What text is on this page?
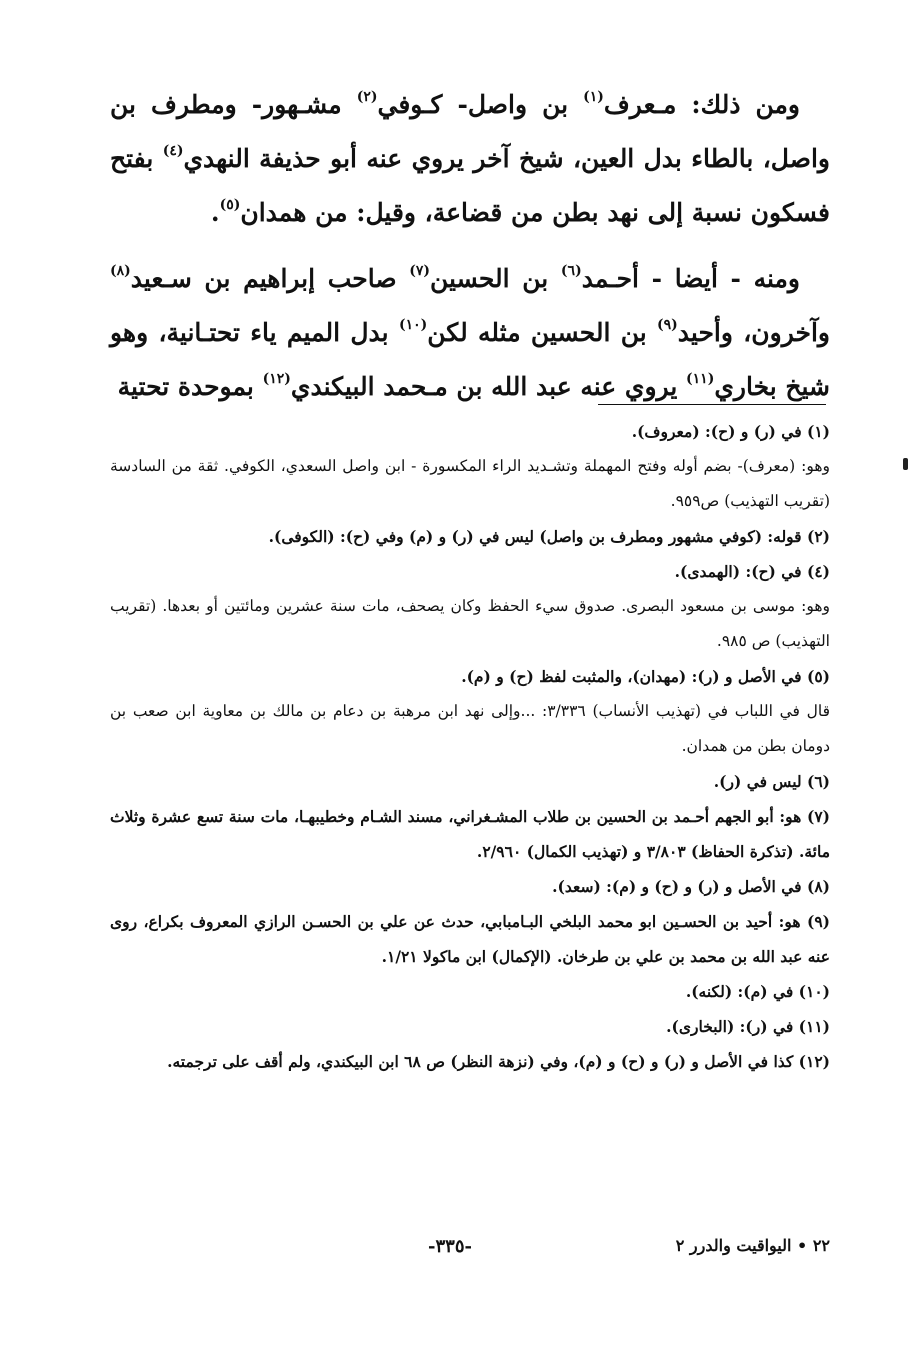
ومن ذلك: مـعرف$^{(١)}$ بن واصل- كـوفي$^{(٢)}$ مشـهور- ومطرف بن واصل، بالطاء بدل العين، شيخ آخر يروي عنه أبو حذيفة النهدي$^{(٤)}$ بفتح فسكون نسبة إلى نهد بطن من قضاعة، وقيل: من همدان$^{(٥)}$.

ومنه - أيضا - أحـمد$^{(٦)}$ بن الحسين$^{(٧)}$ صاحب إبراهيم بن سـعيد$^{(٨)}$ وآخرون، وأحيد$^{(٩)}$ بن الحسين مثله لكن$^{(١٠)}$ بدل الميم ياء تحتـانية، وهو شيخ بخاري$^{(١١)}$ يروي عنه عبد الله بن مـحمد البيكندي$^{(١٢)}$ بموحدة تحتية

(١) في (ر) و (ح): (معروف).

وهو: (معرف)- بضم أوله وفتح المهملة وتشـديد الراء المكسورة - ابن واصل السعدي، الكوفي. ثقة من السادسة (تقريب التهذيب) ص٩٥٩.

(٢) قوله: (كوفي مشهور ومطرف بن واصل) ليس في (ر) و (م) وفي (ح): (الكوفى).

(٤) في (ح): (الهمدى).

وهو: موسى بن مسعود البصرى. صدوق سيء الحفظ وكان يصحف، مات سنة عشرين ومائتين أو بعدها. (تقريب التهذيب) ص ٩٨٥.

(٥) في الأصل و (ر): (مهدان)، والمثبت لفظ (ح) و (م).

قال في اللباب في (تهذيب الأنساب) ٣/٣٣٦: ...وإلى نهد ابن مرهبة بن دعام بن مالك بن معاوية ابن صعب بن دومان بطن من همدان.

(٦) ليس في (ر).

(٧) هو: أبو الجهم أحـمد بن الحسين بن طلاب المشـغراني، مسند الشـام وخطيبهـا، مات سنة تسع عشرة وثلاث مائة. (تذكرة الحفاظ) ٣/٨٠٣ و (تهذيب الكمال) ٢/٩٦٠.

(٨) في الأصل و (ر) و (ح) و (م): (سعد).

(٩) هو: أحيد بن الحسـين ابو محمد البلخي البـامبابي، حدث عن علي بن الحسـن الرازي المعروف بكراع، روى عنه عبد الله بن محمد بن علي بن طرخان. (الإكمال) ابن ماكولا ١/٢١.

(١٠) في (م): (لكنه).

(١١) في (ر): (البخارى).

(١٢) كذا في الأصل و (ر) و (ح) و (م)، وفي (نزهة النظر) ص ٦٨ ابن البيكندي، ولم أقف على ترجمته.

٢٢ • اليواقيت والدرر ٢
-٣٣٥-
